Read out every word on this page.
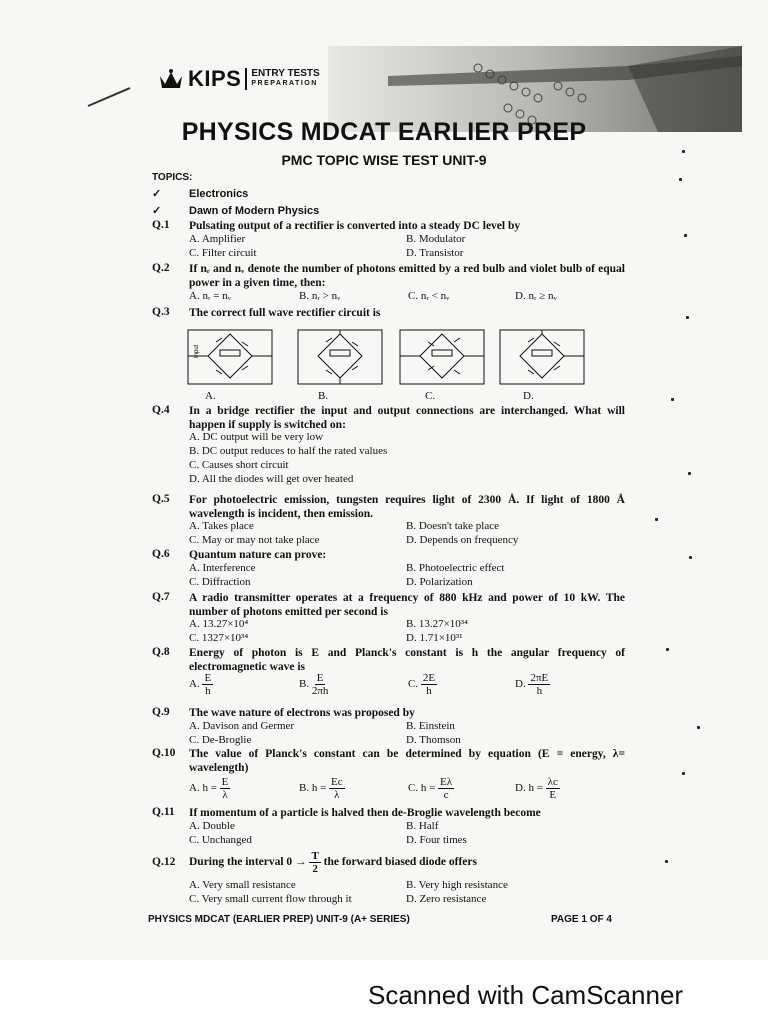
KIPS ENTRY TESTS
PREPARATION
PHYSICS MDCAT EARLIER PREP
PMC TOPIC WISE TEST UNIT-9
TOPICS:
✓	Electronics
✓	Dawn of Modern Physics
Q.1 Pulsating output of a rectifier is converted into a steady DC level by
A. Amplifier	B. Modulator
C. Filter circuit	D. Transistor
Q.2 If nᵣ and nᵥ denote the number of photons emitted by a red bulb and violet bulb of equal power in a given time, then:
A. nᵣ = nᵥ	B. nᵣ > nᵥ	C. nᵣ < nᵥ	D. nᵣ ≥ nᵥ
Q.3 The correct full wave rectifier circuit is
Input
A.	B.	C.	D.
Q.4 In a bridge rectifier the input and output connections are interchanged. What will happen if supply is switched on:
A. DC output will be very low
B. DC output reduces to half the rated values
C. Causes short circuit
D. All the diodes will get over heated
Q.5 For photoelectric emission, tungsten requires light of 2300 Å. If light of 1800 Å wavelength is incident, then emission.
A. Takes place	B. Doesn't take place
C. May or may not take place	D. Depends on frequency
Q.6 Quantum nature can prove:
A. Interference	B. Photoelectric effect
C. Diffraction	D. Polarization
Q.7 A radio transmitter operates at a frequency of 880 kHz and power of 10 kW. The number of photons emitted per second is
A. 13.27×10⁴	B. 13.27×10³⁴
C. 1327×10³⁴	D. 1.71×10³¹
Q.8 Energy of photon is E and Planck's constant is h the angular frequency of electromagnetic wave is
A. $\frac{E}{h}$	B. $\frac{E}{2\pi h}$	C. $\frac{2E}{h}$	D. $\frac{2\pi E}{h}$
Q.9 The wave nature of electrons was proposed by
A. Davison and Germer	B. Einstein
C. De-Broglie	D. Thomson
Q.10 The value of Planck's constant can be determined by equation (E = energy, λ= wavelength)
A. $h = \frac{E}{\lambda}$	B. $h = \frac{Ec}{\lambda}$	C. $h = \frac{E\lambda}{c}$	D. $h = \frac{\lambda c}{E}$
Q.11 If momentum of a particle is halved then de-Broglie wavelength become
A. Double	B. Half
C. Unchanged	D. Four times
Q.12 During the interval $0 \to \frac{T}{2}$ the forward biased diode offers
A. Very small resistance	B. Very high resistance
C. Very small current flow through it	D. Zero resistance
PHYSICS MDCAT (EARLIER PREP) UNIT-9 (A+ SERIES)	PAGE 1 OF 4
Scanned with CamScanner
